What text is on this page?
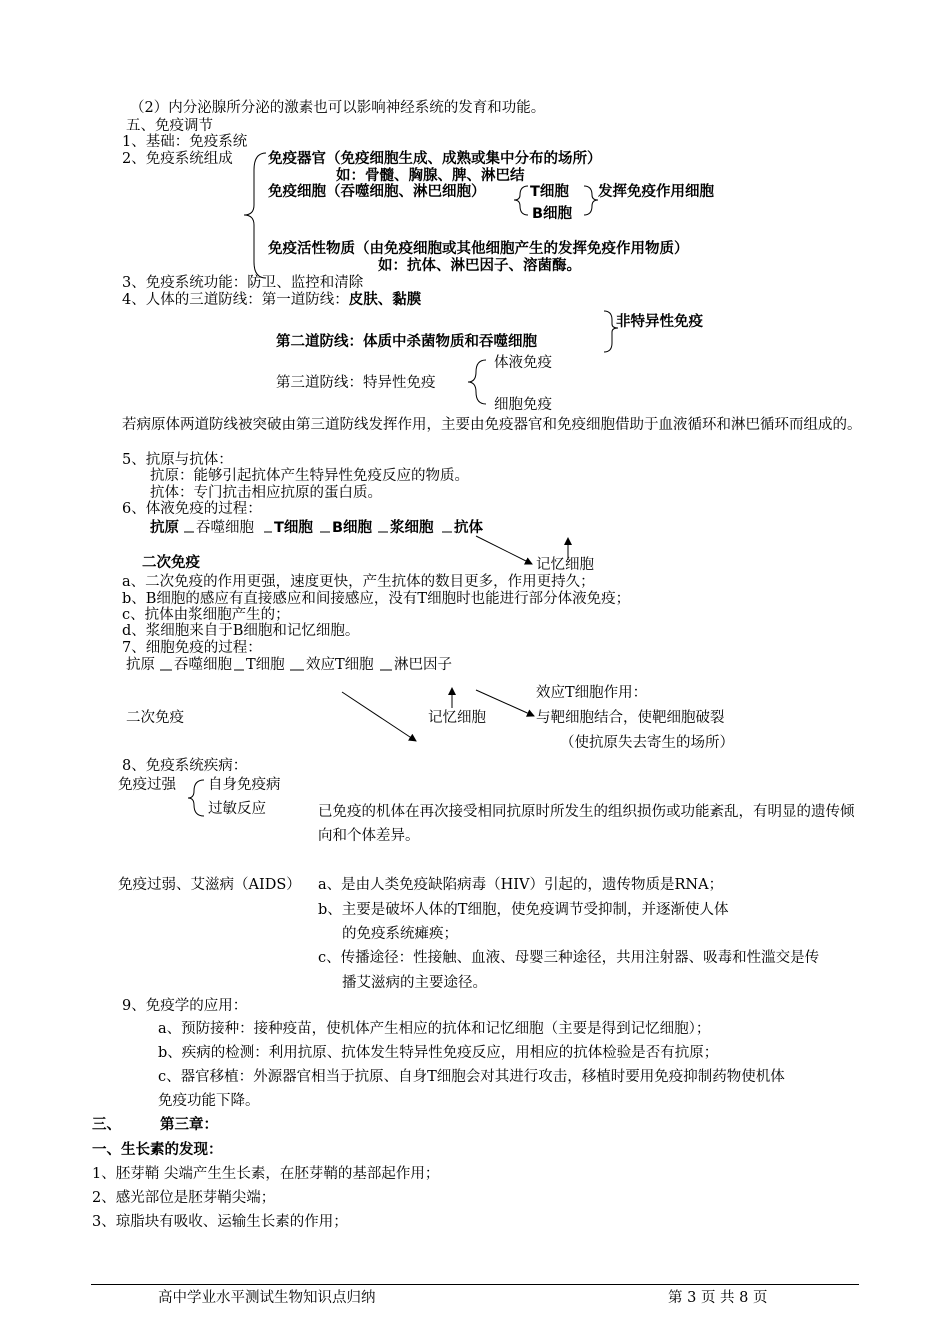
（2）内分泌腺所分泌的激素也可以影响神经系统的发育和功能。
五、免疫调节
1、基础：免疫系统
2、免疫系统组成 免疫器官（免疫细胞生成、成熟或集中分布的场所）
如：骨髓、胸腺、脾、淋巴结
免疫细胞（吞噬细胞、淋巴细胞）	T细胞
B细胞
发挥免疫作用细胞
免疫活性物质（由免疫细胞或其他细胞产生的发挥免疫作用物质）
如：抗体、淋巴因子、溶菌酶。
3、免疫系统功能：防卫、监控和清除
4、人体的三道防线：第一道防线：皮肤、黏膜
非特异性免疫
第二道防线：体质中杀菌物质和吞噬细胞
第三道防线：特异性免疫
体液免疫
细胞免疫
若病原体两道防线被突破由第三道防线发挥作用，主要由免疫器官和免疫细胞借助于血液循环和淋巴循环而组成的。
5、抗原与抗体：
抗原：能够引起抗体产生特异性免疫反应的物质。
抗体：专门抗击相应抗原的蛋白质。
6、体液免疫的过程：
抗原 吞噬细胞 T细胞 B细胞 浆细胞 抗体
二次免疫	记忆细胞
a、二次免疫的作用更强，速度更快，产生抗体的数目更多，作用更持久；
b、B细胞的感应有直接感应和间接感应，没有T细胞时也能进行部分体液免疫；
c、抗体由浆细胞产生的；
d、浆细胞来自于B细胞和记忆细胞。
7、细胞免疫的过程：
抗原 吞噬细胞 T细胞 效应T细胞 淋巴因子
效应T细胞作用：
二次免疫	记忆细胞	与靶细胞结合，使靶细胞破裂
（使抗原失去寄生的场所）
8、免疫系统疾病：
免疫过强 自身免疫病
过敏反应	已免疫的机体在再次接受相同抗原时所发生的组织损伤或功能紊乱，有明显的遗传倾向和个体差异。
免疫过弱、艾滋病（AIDS） a、是由人类免疫缺陷病毒（HIV）引起的，遗传物质是RNA；
b、主要是破坏人体的T细胞，使免疫调节受抑制，并逐渐使人体
的免疫系统瘫痪；
c、传播途径：性接触、血液、母婴三种途径，共用注射器、吸毒和性滥交是传
播艾滋病的主要途径。
9、免疫学的应用：
a、预防接种：接种疫苗，使机体产生相应的抗体和记忆细胞（主要是得到记忆细胞）；
b、疾病的检测：利用抗原、抗体发生特异性免疫反应，用相应的抗体检验是否有抗原；
c、器官移植：外源器官相当于抗原、自身T细胞会对其进行攻击，移植时要用免疫抑制药物使机体
免疫功能下降。
三、	第三章：
一、生长素的发现：
1、胚芽鞘 尖端产生生长素，在胚芽鞘的基部起作用；
2、感光部位是胚芽鞘尖端；
3、琼脂块有吸收、运输生长素的作用；
高中学业水平测试生物知识点归纳	第 3 页 共 8 页
